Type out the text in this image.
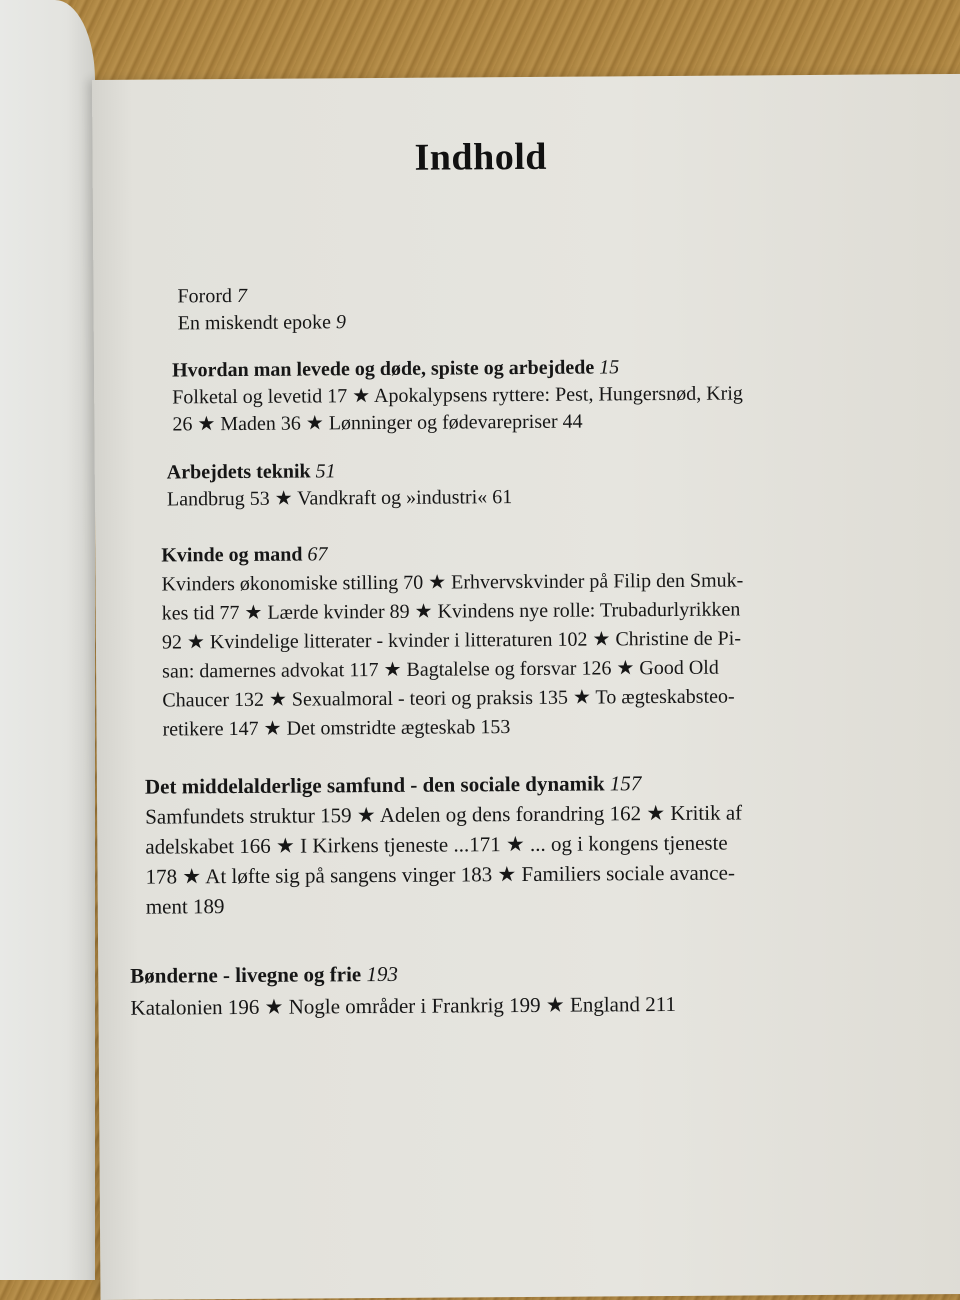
Indhold
Forord 7
En miskendt epoke 9
Hvordan man levede og døde, spiste og arbejdede 15
Folketal og levetid 17 ★ Apokalypsens ryttere: Pest, Hungersnød, Krig
26 ★ Maden 36 ★ Lønninger og fødevarepriser 44
Arbejdets teknik 51
Landbrug 53 ★ Vandkraft og »industri« 61
Kvinde og mand 67
Kvinders økonomiske stilling 70 ★ Erhvervskvinder på Filip den Smuk-
kes tid 77 ★ Lærde kvinder 89 ★ Kvindens nye rolle: Trubadurlyrikken
92 ★ Kvindelige litterater - kvinder i litteraturen 102 ★ Christine de Pi-
san: damernes advokat 117 ★ Bagtalelse og forsvar 126 ★ Good Old
Chaucer 132 ★ Sexualmoral - teori og praksis 135 ★ To ægteskabsteo-
retikere 147 ★ Det omstridte ægteskab 153
Det middelalderlige samfund - den sociale dynamik 157
Samfundets struktur 159 ★ Adelen og dens forandring 162 ★ Kritik af
adelskabet 166 ★ I Kirkens tjeneste ...171 ★ ... og i kongens tjeneste
178 ★ At løfte sig på sangens vinger 183 ★ Familiers sociale avance-
ment 189
Bønderne - livegne og frie 193
Katalonien 196 ★ Nogle områder i Frankrig 199 ★ England 211
